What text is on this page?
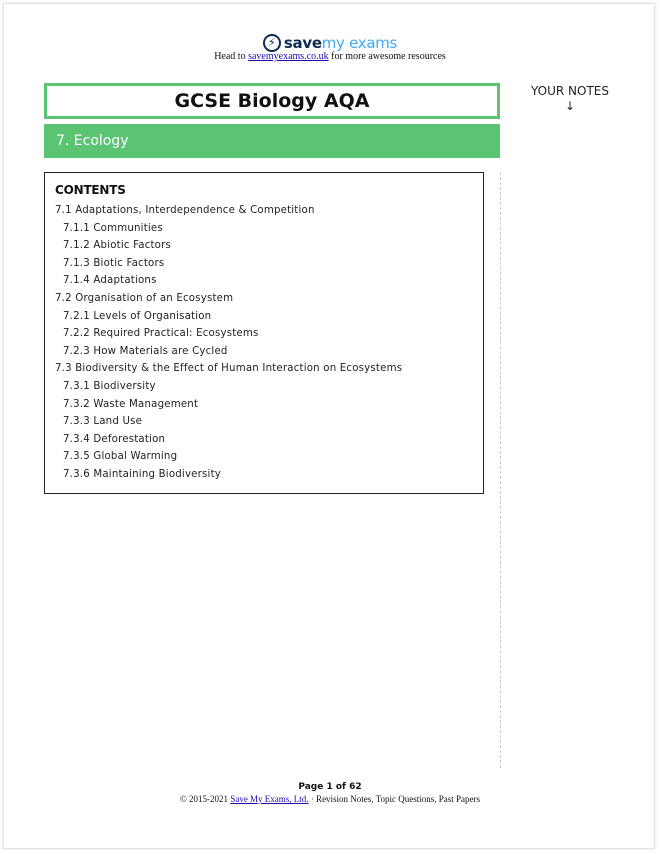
⚡ savemy exams
Head to savemyexams.co.uk for more awesome resources
GCSE Biology AQA
7. Ecology
YOUR NOTES
↓
CONTENTS
7.1 Adaptations, Interdependence & Competition
7.1.1 Communities
7.1.2 Abiotic Factors
7.1.3 Biotic Factors
7.1.4 Adaptations
7.2 Organisation of an Ecosystem
7.2.1 Levels of Organisation
7.2.2 Required Practical: Ecosystems
7.2.3 How Materials are Cycled
7.3 Biodiversity & the Effect of Human Interaction on Ecosystems
7.3.1 Biodiversity
7.3.2 Waste Management
7.3.3 Land Use
7.3.4 Deforestation
7.3.5 Global Warming
7.3.6 Maintaining Biodiversity
Page 1 of 62
© 2015-2021 Save My Exams, Ltd. · Revision Notes, Topic Questions, Past Papers
